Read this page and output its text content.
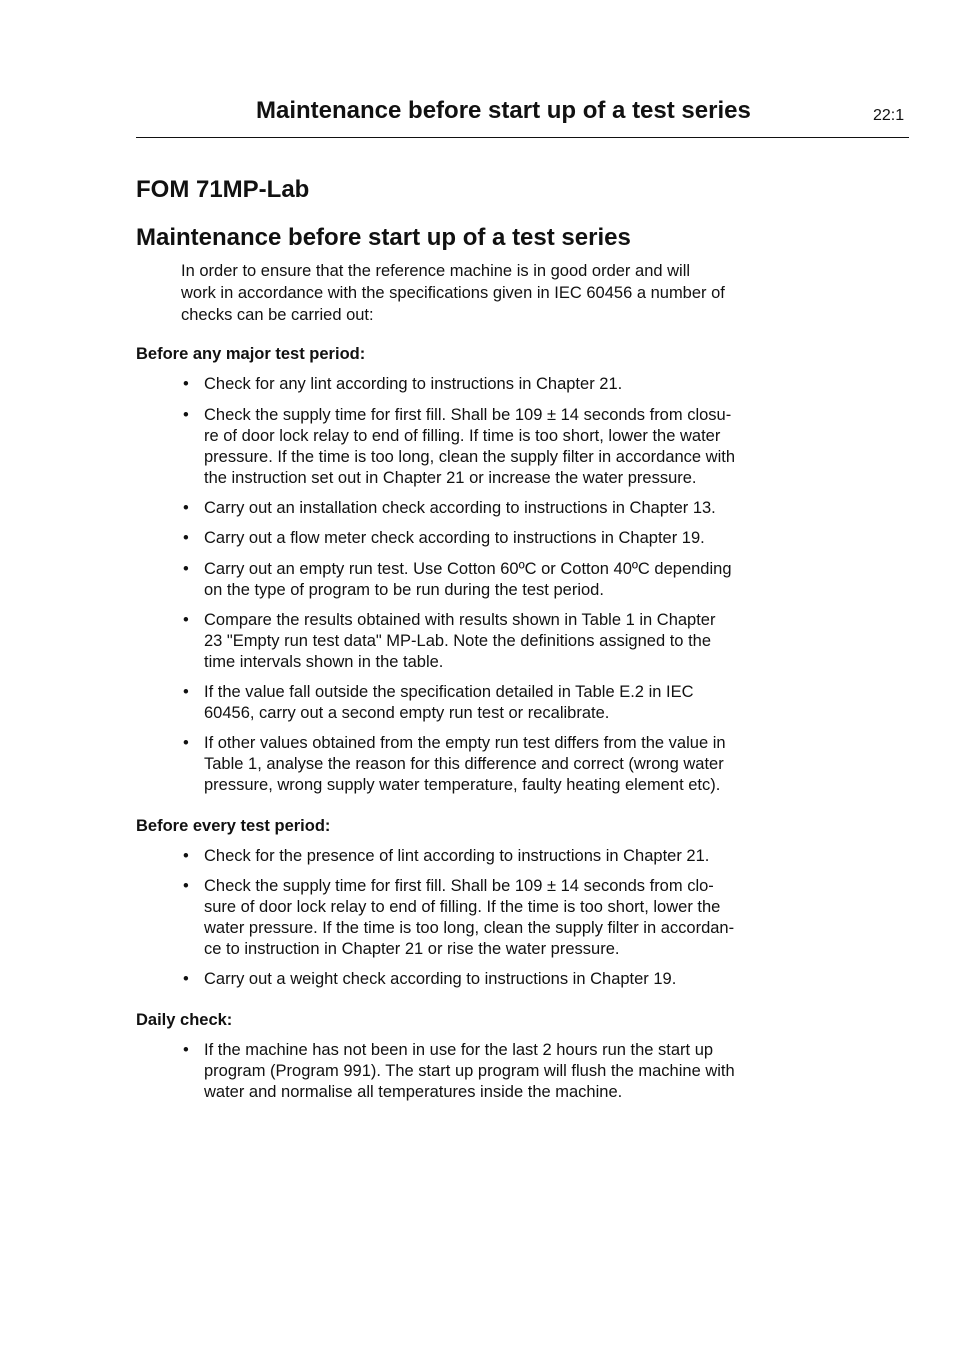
Maintenance before start up of a test series	22:1
FOM 71MP-Lab
Maintenance before start up of a test series

In order to ensure that the reference machine is in good order and will

work in accordance with the specifications given in IEC 60456 a number of

checks can be carried out:

Before any major test period:
• Check for any lint according to instructions in Chapter 21.
• Check the supply time for first fill. Shall be 109 ± 14 seconds from closu-
re of door lock relay to end of filling. If time is too short, lower the water
pressure. If the time is too long, clean the supply filter in accordance with
the instruction set out in Chapter 21 or increase the water pressure.
• Carry out an installation check according to instructions in Chapter 13.
• Carry out a flow meter check according to instructions in Chapter 19.
• Carry out an empty run test. Use Cotton 60ºC or Cotton 40ºC depending
on the type of program to be run during the test period.
• Compare the results obtained with results shown in Table 1 in Chapter
23 "Empty run test data" MP-Lab. Note the definitions assigned to the
time intervals shown in the table.
• If the value fall outside the specification detailed in Table E.2 in IEC
60456, carry out a second empty run test or recalibrate.
• If other values obtained from the empty run test differs from the value in
Table 1, analyse the reason for this difference and correct (wrong water
pressure, wrong supply water temperature, faulty heating element etc).
Before every test period:
• Check for the presence of lint according to instructions in Chapter 21.
• Check the supply time for first fill. Shall be 109 ± 14 seconds from clo-
sure of door lock relay to end of filling. If the time is too short, lower the
water pressure. If the time is too long, clean the supply filter in accordan-
ce to instruction in Chapter 21 or rise the water pressure.
• Carry out a weight check according to instructions in Chapter 19.
Daily check:
• If the machine has not been in use for the last 2 hours run the start up
program (Program 991). The start up program will flush the machine with
water and normalise all temperatures inside the machine.
